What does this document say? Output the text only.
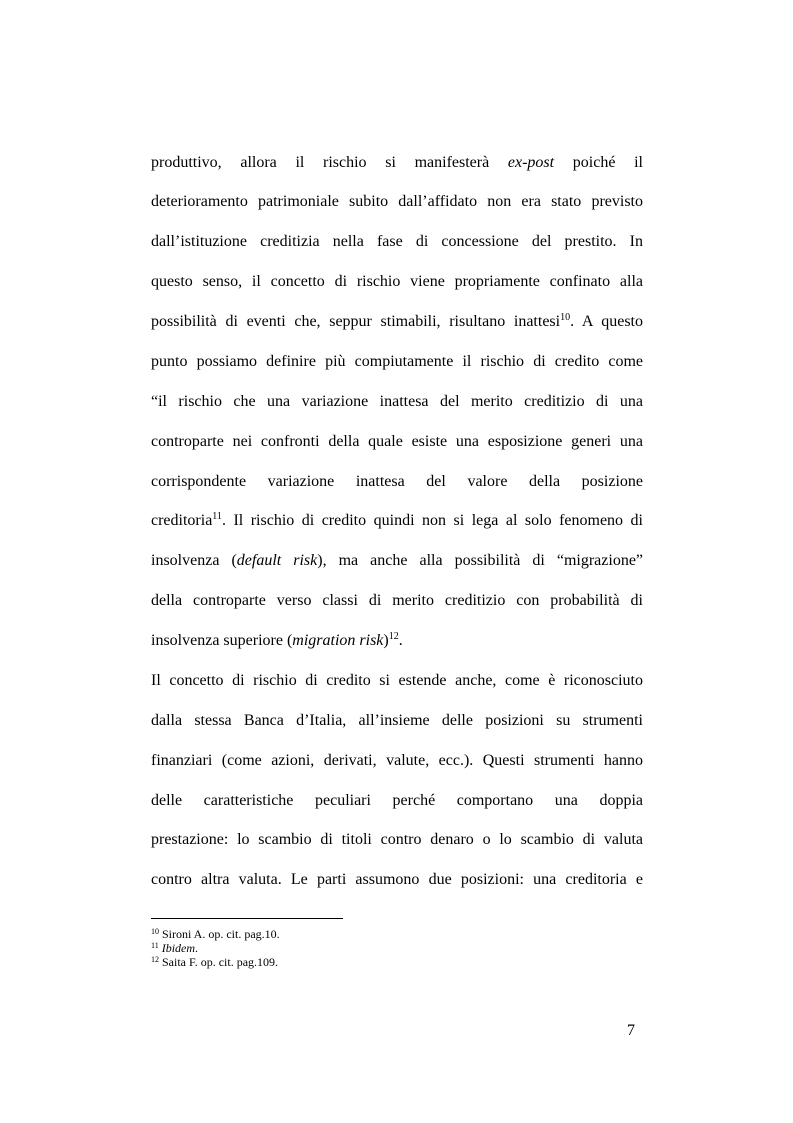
produttivo, allora il rischio si manifesterà ex-post poiché il
deterioramento patrimoniale subito dall’affidato non era stato previsto
dall’istituzione creditizia nella fase di concessione del prestito. In
questo senso, il concetto di rischio viene propriamente confinato alla
possibilità di eventi che, seppur stimabili, risultano inattesi$^{10}$. A questo
punto possiamo definire più compiutamente il rischio di credito come
“il rischio che una variazione inattesa del merito creditizio di una
controparte nei confronti della quale esiste una esposizione generi una
corrispondente variazione inattesa del valore della posizione
creditoria$^{11}$. Il rischio di credito quindi non si lega al solo fenomeno di
insolvenza (default risk), ma anche alla possibilità di “migrazione”
della controparte verso classi di merito creditizio con probabilità di
insolvenza superiore (migration risk)$^{12}$.
Il concetto di rischio di credito si estende anche, come è riconosciuto
dalla stessa Banca d’Italia, all’insieme delle posizioni su strumenti
finanziari (come azioni, derivati, valute, ecc.). Questi strumenti hanno
delle caratteristiche peculiari perché comportano una doppia
prestazione: lo scambio di titoli contro denaro o lo scambio di valuta
contro altra valuta. Le parti assumono due posizioni: una creditoria e
$^{10}$ Sironi A. op. cit. pag.10.
$^{11}$ Ibidem.
$^{12}$ Saita F. op. cit. pag.109.
7
